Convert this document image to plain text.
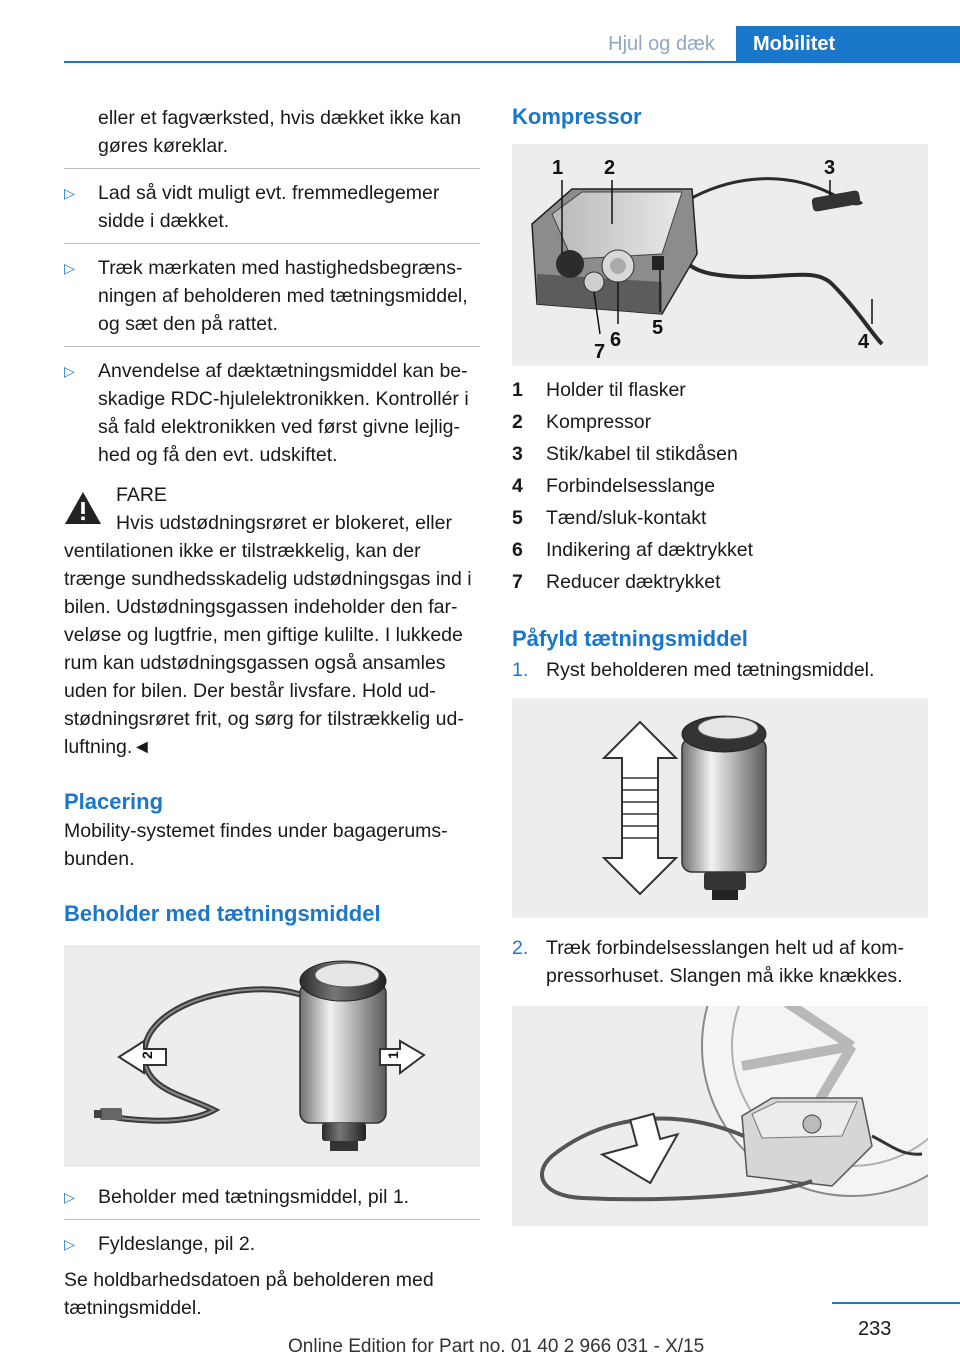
Hjul og dæk	Mobilitet
eller et fagværksted, hvis dækket ikke kan gøres køreklar.
▷ Lad så vidt muligt evt. fremmedlegemer sidde i dækket.
▷ Træk mærkaten med hastighedsbegræns-ningen af beholderen med tætningsmiddel, og sæt den på rattet.
▷ Anvendelse af dæktætningsmiddel kan be-skadige RDC-hjulelektronikken. Kontrollér i så fald elektronikken ved først givne lejlig-hed og få den evt. udskiftet.
FARE
Hvis udstødningsrøret er blokeret, eller
ventilationen ikke er tilstrækkelig, kan der trænge sundhedsskadelig udstødningsgas ind i bilen. Udstødningsgassen indeholder den far-veløse og lugtfrie, men giftige kulilte. I lukkede rum kan udstødningsgassen også ansamles uden for bilen. Der består livsfare. Hold ud-stødningsrøret frit, og sørg for tilstrækkelig ud-luftning.◄
Placering
Mobility-systemet findes under bagagerums-bunden.
Beholder med tætningsmiddel
2	1
▷ Beholder med tætningsmiddel, pil 1.
▷ Fyldeslange, pil 2.
Se holdbarhedsdatoen på beholderen med tætningsmiddel.
Kompressor
1 2	3
4
5
6
7
1	Holder til flasker
2	Kompressor
3	Stik/kabel til stikdåsen
4	Forbindelsesslange
5	Tænd/sluk-kontakt
6	Indikering af dæktrykket
7	Reducer dæktrykket
Påfyld tætningsmiddel
1. Ryst beholderen med tætningsmiddel.
2. Træk forbindelsesslangen helt ud af kom-pressorhuset. Slangen må ikke knækkes.
233
Online Edition for Part no. 01 40 2 966 031 - X/15
